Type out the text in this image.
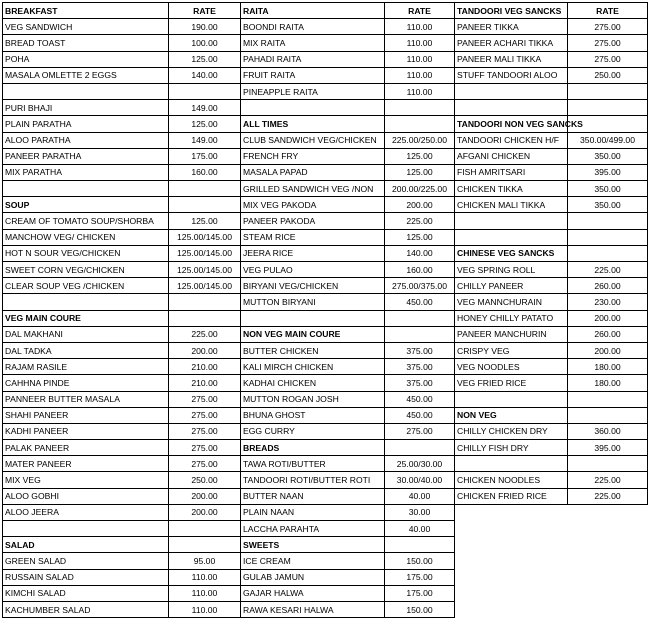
BREAKFAST	RATE	RAITA	RATE	TANDOORI VEG SANCKS	RATE
VEG SANDWICH	190.00	BOONDI RAITA	110.00	PANEER TIKKA	275.00
BREAD TOAST	100.00	MIX RAITA	110.00	PANEER ACHARI TIKKA	275.00
POHA	125.00	PAHADI RAITA	110.00	PANEER MALI TIKKA	275.00
MASALA OMLETTE 2 EGGS	140.00	FRUIT RAITA	110.00	STUFF TANDOORI ALOO	250.00
		PINEAPPLE RAITA	110.00		
PURI BHAJI	149.00				
PLAIN PARATHA	125.00	ALL TIMES		TANDOORI NON VEG SANCKS	
ALOO PARATHA	149.00	CLUB SANDWICH VEG/CHICKEN	225.00/250.00	TANDOORI CHICKEN H/F	350.00/499.00
PANEER PARATHA	175.00	FRENCH FRY	125.00	AFGANI CHICKEN	350.00
MIX PARATHA	160.00	MASALA PAPAD	125.00	FISH AMRITSARI	395.00
		GRILLED SANDWICH VEG /NON	200.00/225.00	CHICKEN TIKKA	350.00
SOUP		MIX VEG PAKODA	200.00	CHICKEN MALI TIKKA	350.00
CREAM OF TOMATO SOUP/SHORBA	125.00	PANEER PAKODA	225.00		
MANCHOW VEG/ CHICKEN	125.00/145.00	STEAM RICE	125.00		
HOT N SOUR VEG/CHICKEN	125.00/145.00	JEERA RICE	140.00	CHINESE VEG SANCKS	
SWEET CORN VEG/CHICKEN	125.00/145.00	VEG PULAO	160.00	VEG SPRING ROLL	225.00
CLEAR SOUP VEG /CHICKEN	125.00/145.00	BIRYANI VEG/CHICKEN	275.00/375.00	CHILLY PANEER	260.00
		MUTTON BIRYANI	450.00	VEG MANNCHURAIN	230.00
VEG MAIN COURE				HONEY CHILLY PATATO	200.00
DAL MAKHANI	225.00	NON VEG MAIN COURE		PANEER MANCHURIN	260.00
DAL TADKA	200.00	BUTTER CHICKEN	375.00	CRISPY VEG	200.00
RAJAM RASILE	210.00	KALI MIRCH CHICKEN	375.00	VEG NOODLES	180.00
CAHHNA PINDE	210.00	KADHAI CHICKEN	375.00	VEG FRIED RICE	180.00
PANNEER BUTTER MASALA	275.00	MUTTON ROGAN JOSH	450.00		
SHAHI PANEER	275.00	BHUNA GHOST	450.00	NON VEG	
KADHI PANEER	275.00	EGG CURRY	275.00	CHILLY CHICKEN DRY	360.00
PALAK PANEER	275.00	BREADS		CHILLY FISH DRY	395.00
MATER PANEER	275.00	TAWA ROTI/BUTTER	25.00/30.00		
MIX VEG	250.00	TANDOORI ROTI/BUTTER ROTI	30.00/40.00	CHICKEN NOODLES	225.00
ALOO GOBHI	200.00	BUTTER NAAN	40.00	CHICKEN FRIED RICE	225.00
ALOO JEERA	200.00	PLAIN NAAN	30.00		
		LACCHA PARAHTA	40.00		
SALAD		SWEETS			
GREEN SALAD	95.00	ICE CREAM	150.00		
RUSSAIN SALAD	110.00	GULAB JAMUN	175.00		
KIMCHI SALAD	110.00	GAJAR HALWA	175.00		
KACHUMBER SALAD	110.00	RAWA KESARI HALWA	150.00		
